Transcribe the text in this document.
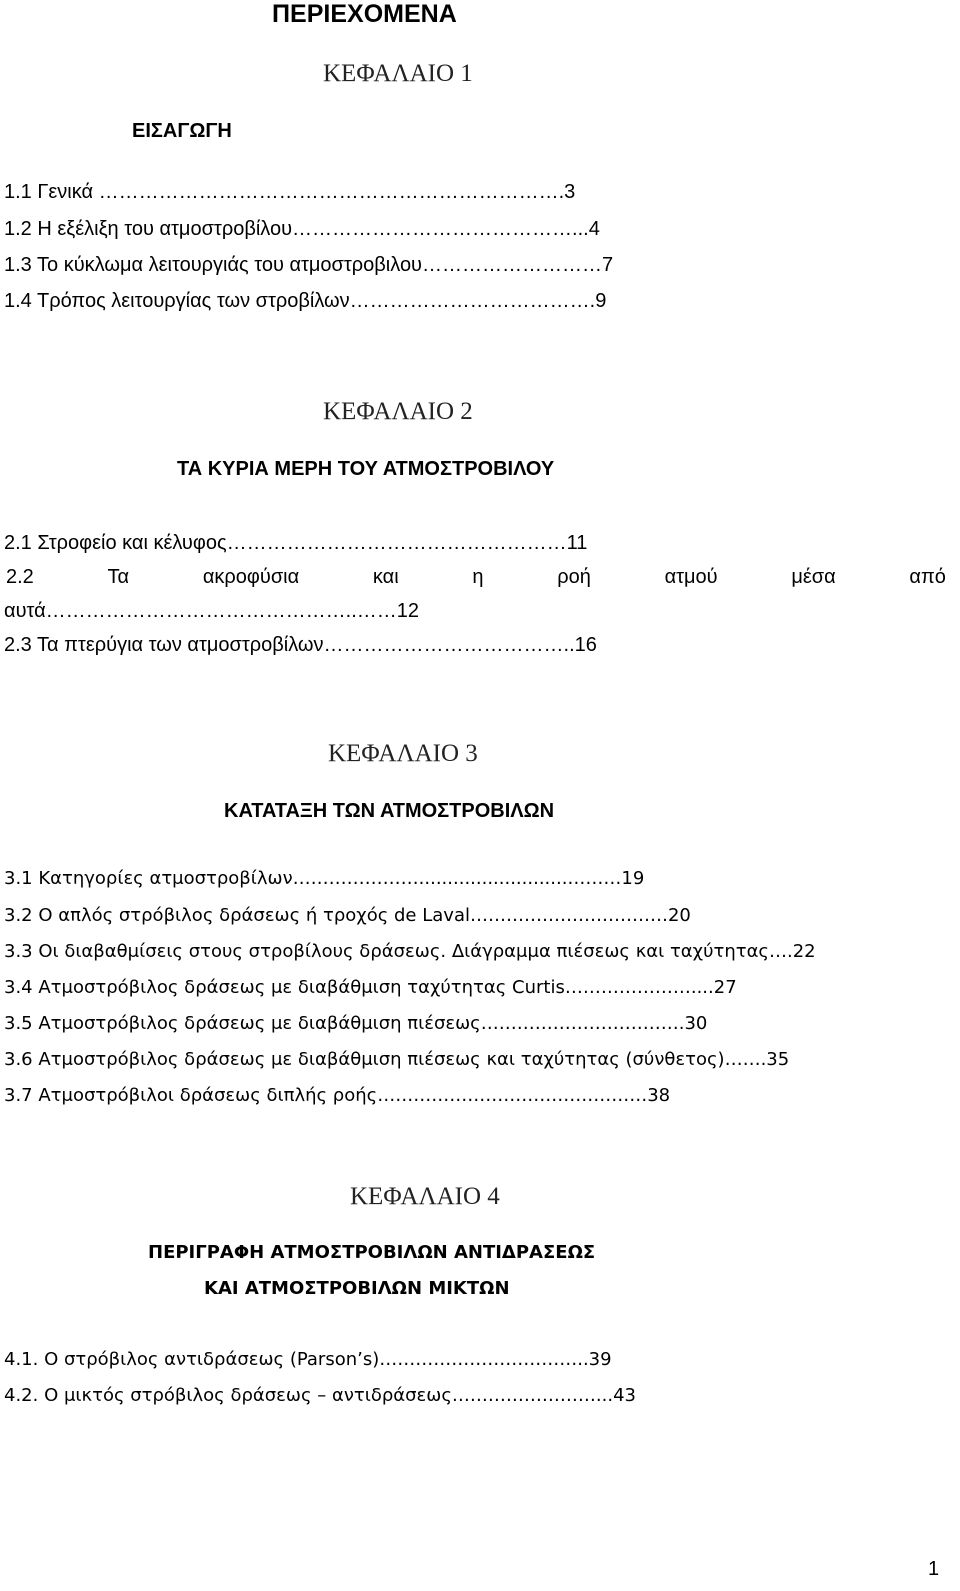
ΠΕΡΙΕΧΟΜΕΝΑ
ΚΕΦΑΛΑΙΟ 1
ΕΙΣΑΓΩΓΗ
1.1 Γενικά …………………………………………………………….3
1.2 Η εξέλιξη του ατμοστροβίλου……………………………………...4
1.3 Το κύκλωμα λειτουργιάς του ατμοστροβιλου………………………7
1.4 Τρόπος λειτουργίας των στροβίλων……………………………….9
ΚΕΦΑΛΑΙΟ 2
ΤΑ ΚΥΡΙΑ ΜΕΡΗ ΤΟΥ ΑΤΜΟΣΤΡΟΒΙΛΟΥ
2.1 Στροφείο και κέλυφος……………………………………………11
2.2	Τα	ακροφύσια	και	η	ροή	ατμού	μέσα	από
αυτά………………………………………..……12
2.3 Τα πτερύγια των ατμοστροβίλων………………………………..16
ΚΕΦΑΛΑΙΟ 3
ΚΑΤΑΤΑΞΗ ΤΩΝ ΑΤΜΟΣΤΡΟΒΙΛΩΝ
3.1 Κατηγορίες ατμοστροβίλων…………………..........................………19
3.2 Ο απλός στρόβιλος δράσεως ή τροχός de Laval……………………………20
3.3 Οι διαβαθμίσεις στους στροβίλους δράσεως. Διάγραμμα πιέσεως και ταχύτητας….22
3.4 Ατμοστρόβιλος δράσεως με διαβάθμιση ταχύτητας Curtis…………………....27
3.5 Ατμοστρόβιλος δράσεως με διαβάθμιση πιέσεως…………………………….30
3.6 Ατμοστρόβιλος δράσεως με διαβάθμιση πιέσεως και ταχύτητας (σύνθετος)…….35
3.7 Ατμοστρόβιλοι δράσεως διπλής ροής………………………………………38
ΚΕΦΑΛΑΙΟ 4
ΠΕΡΙΓΡΑΦΗ ΑΤΜΟΣΤΡΟΒΙΛΩΝ ΑΝΤΙΔΡΑΣΕΩΣ
ΚΑΙ ΑΤΜΟΣΤΡΟΒΙΛΩΝ ΜΙΚΤΩΝ
4.1. Ο στρόβιλος αντιδράσεως (Parson’s)……………………………..39
4.2. Ο μικτός στρόβιλος δράσεως – αντιδράσεως……………………...43
1
